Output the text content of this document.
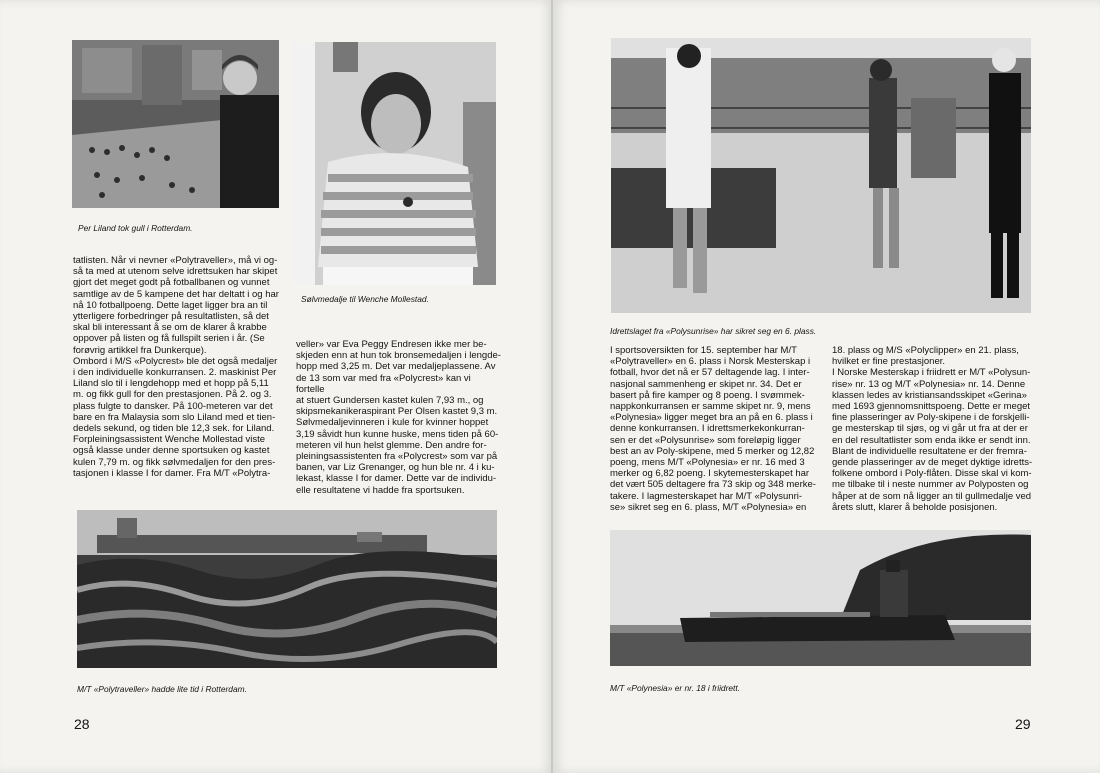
Per Liland tok gull i Rotterdam.
Sølvmedalje til Wenche Mollestad.
tatlisten. Når vi nevner «Polytraveller», må vi og-
så ta med at utenom selve idrettsuken har skipet
gjort det meget godt på fotballbanen og vunnet
samtlige av de 5 kampene det har deltatt i og har
nå 10 fotballpoeng. Dette laget ligger bra an til
ytterligere forbedringer på resultatlisten, så det
skal bli interessant å se om de klarer å krabbe
oppover på listen og få fullspilt serien i år. (Se
forøvrig artikkel fra Dunkerque).
Ombord i M/S «Polycrest» ble det også medaljer
i den individuelle konkurransen. 2. maskinist Per
Liland slo til i lengdehopp med et hopp på 5,11
m. og fikk gull for den prestasjonen. På 2. og 3.
plass fulgte to dansker. På 100-meteren var det
bare en fra Malaysia som slo Liland med et tien-
dedels sekund, og tiden ble 12,3 sek. for Liland.
Forpleiningsassistent Wenche Mollestad viste
også klasse under denne sportsuken og kastet
kulen 7,79 m. og fikk sølvmedaljen for den pres-
tasjonen i klasse I for damer. Fra M/T «Polytra-
veller» var Eva Peggy Endresen ikke mer be-
skjeden enn at hun tok bronsemedaljen i lengde-
hopp med 3,25 m. Det var medaljeplassene. Av
de 13 som var med fra «Polycrest» kan vi fortelle
at stuert Gundersen kastet kulen 7,93 m., og
skipsmekanikeraspirant Per Olsen kastet 9,3 m.
Sølvmedaljevinneren i kule for kvinner hoppet
3,19 såvidt hun kunne huske, mens tiden på 60-
meteren vil hun helst glemme. Den andre for-
pleiningsassistenten fra «Polycrest» som var på
banen, var Liz Grenanger, og hun ble nr. 4 i ku-
lekast, klasse I for damer. Dette var de individu-
elle resultatene vi hadde fra sportsuken.
M/T «Polytraveller» hadde lite tid i Rotterdam.
28
Idrettslaget fra «Polysunrise» har sikret seg en 6. plass.
I sportsoversikten for 15. september har M/T
«Polytraveller» en 6. plass i Norsk Mesterskap i
fotball, hvor det nå er 57 deltagende lag. I inter-
nasjonal sammenheng er skipet nr. 34. Det er
basert på fire kamper og 8 poeng. I svømmek-
nappkonkurransen er samme skipet nr. 9, mens
«Polynesia» ligger meget bra an på en 6. plass i
denne konkurransen. I idrettsmerkekonkurran-
sen er det «Polysunrise» som foreløpig ligger
best an av Poly-skipene, med 5 merker og 12,82
poeng, mens M/T «Polynesia» er nr. 16 med 3
merker og 6,82 poeng. I skytemesterskapet har
det vært 505 deltagere fra 73 skip og 348 merke-
takere. I lagmesterskapet har M/T «Polysunri-
se» sikret seg en 6. plass, M/T «Polynesia» en
18. plass og M/S «Polyclipper» en 21. plass,
hvilket er fine prestasjoner.
I Norske Mesterskap i friidrett er M/T «Polysun-
rise» nr. 13 og M/T «Polynesia» nr. 14. Denne
klassen ledes av kristiansandsskipet «Gerina»
med 1693 gjennomsnittspoeng. Dette er meget
fine plasseringer av Poly-skipene i de forskjelli-
ge mesterskap til sjøs, og vi går ut fra at der er
en del resultatlister som enda ikke er sendt inn.
Blant de individuelle resultatene er der fremra-
gende plasseringer av de meget dyktige idretts-
folkene ombord i Poly-flåten. Disse skal vi kom-
me tilbake til i neste nummer av Polyposten og
håper at de som nå ligger an til gullmedalje ved
årets slutt, klarer å beholde posisjonen.
M/T «Polynesia» er nr. 18 i friidrett.
29
